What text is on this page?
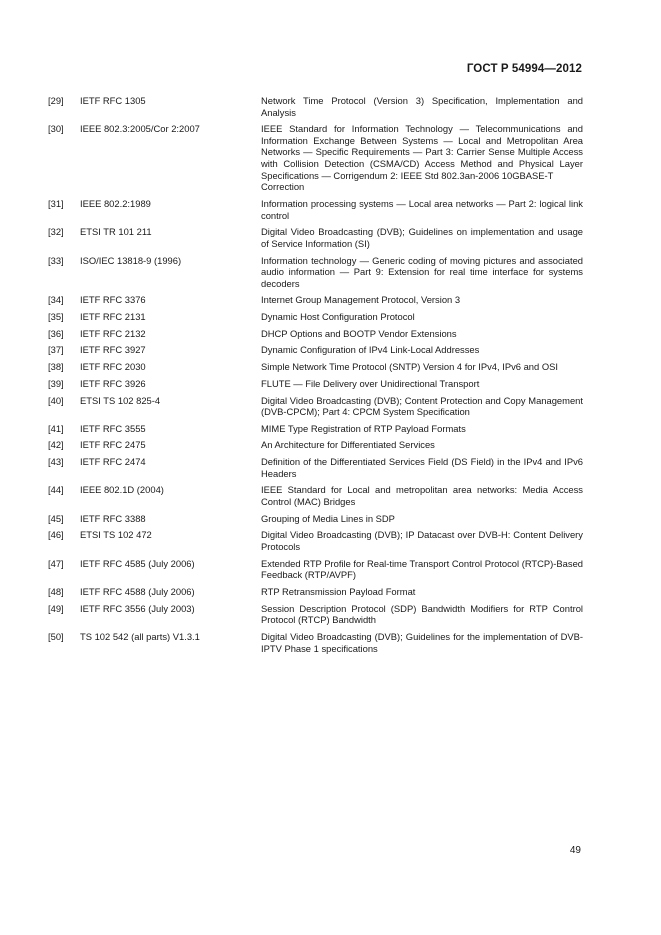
ГОСТ Р 54994—2012
[29] IETF RFC 1305	Network Time Protocol (Version 3) Specification, Implementation and Analysis
[30] IEEE 802.3:2005/Cor 2:2007	IEEE Standard for Information Technology — Telecommunications and Information Exchange Between Systems — Local and Metropolitan Area Networks — Specific Requirements — Part 3: Carrier Sense Multiple Access with Collision Detection (CSMA/CD) Access Method and Physical Layer Specifications — Corrigendum 2: IEEE Std 802.3an-2006 10GBASE-T
Correction
[31] IEEE 802.2:1989	Information processing systems — Local area networks — Part 2: logical link control
[32] ETSI TR 101 211	Digital Video Broadcasting (DVB); Guidelines on implementation and usage of Service Information (SI)
[33] ISO/IEC 13818-9 (1996)	Information technology — Generic coding of moving pictures and associated audio information — Part 9: Extension for real time interface for systems decoders
[34] IETF RFC 3376	Internet Group Management Protocol, Version 3
[35] IETF RFC 2131	Dynamic Host Configuration Protocol
[36] IETF RFC 2132	DHCP Options and BOOTP Vendor Extensions
[37] IETF RFC 3927	Dynamic Configuration of IPv4 Link-Local Addresses
[38] IETF RFC 2030	Simple Network Time Protocol (SNTP) Version 4 for IPv4, IPv6 and OSI
[39] IETF RFC 3926	FLUTE — File Delivery over Unidirectional Transport
[40] ETSI TS 102 825-4	Digital Video Broadcasting (DVB); Content Protection and Copy Management (DVB-CPCM); Part 4: CPCM System Specification
[41] IETF RFC 3555	MIME Type Registration of RTP Payload Formats
[42] IETF RFC 2475	An Architecture for Differentiated Services
[43] IETF RFC 2474	Definition of the Differentiated Services Field (DS Field) in the IPv4 and IPv6 Headers
[44] IEEE 802.1D (2004)	IEEE Standard for Local and metropolitan area networks: Media Access Control (MAC) Bridges
[45] IETF RFC 3388	Grouping of Media Lines in SDP
[46] ETSI TS 102 472	Digital Video Broadcasting (DVB); IP Datacast over DVB-H: Content Delivery Protocols
[47] IETF RFC 4585 (July 2006)	Extended RTP Profile for Real-time Transport Control Protocol (RTCP)-Based Feedback (RTP/AVPF)
[48] IETF RFC 4588 (July 2006)	RTP Retransmission Payload Format
[49] IETF RFC 3556 (July 2003)	Session Description Protocol (SDP) Bandwidth Modifiers for RTP Control Protocol (RTCP) Bandwidth
[50] TS 102 542 (all parts) V1.3.1	Digital Video Broadcasting (DVB); Guidelines for the implementation of DVB-IPTV Phase 1 specifications
49
